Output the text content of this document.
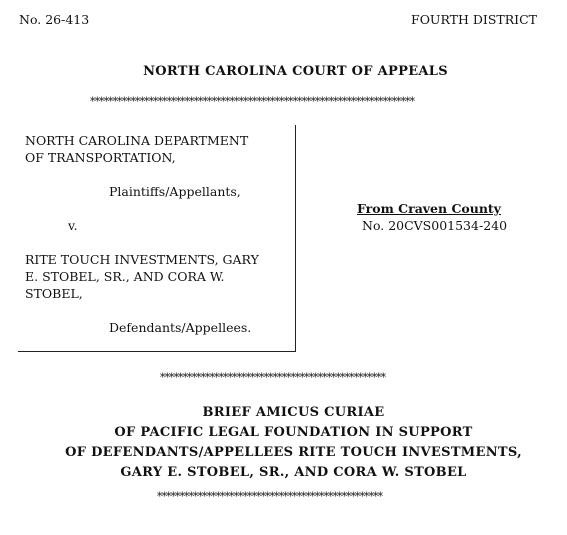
No. 26-413	FOURTH DISTRICT
NORTH CAROLINA COURT OF APPEALS
************************************************************************
NORTH CAROLINA DEPARTMENT
OF TRANSPORTATION,
Plaintiffs/Appellants,
v.
RITE TOUCH INVESTMENTS, GARY
E. STOBEL, SR., AND CORA W.
STOBEL,
Defendants/Appellees.
From Craven County
No. 20CVS001534-240
**************************************************
BRIEF AMICUS CURIAE
OF PACIFIC LEGAL FOUNDATION IN SUPPORT
OF DEFENDANTS/APPELLEES RITE TOUCH INVESTMENTS,
GARY E. STOBEL, SR., AND CORA W. STOBEL
**************************************************
